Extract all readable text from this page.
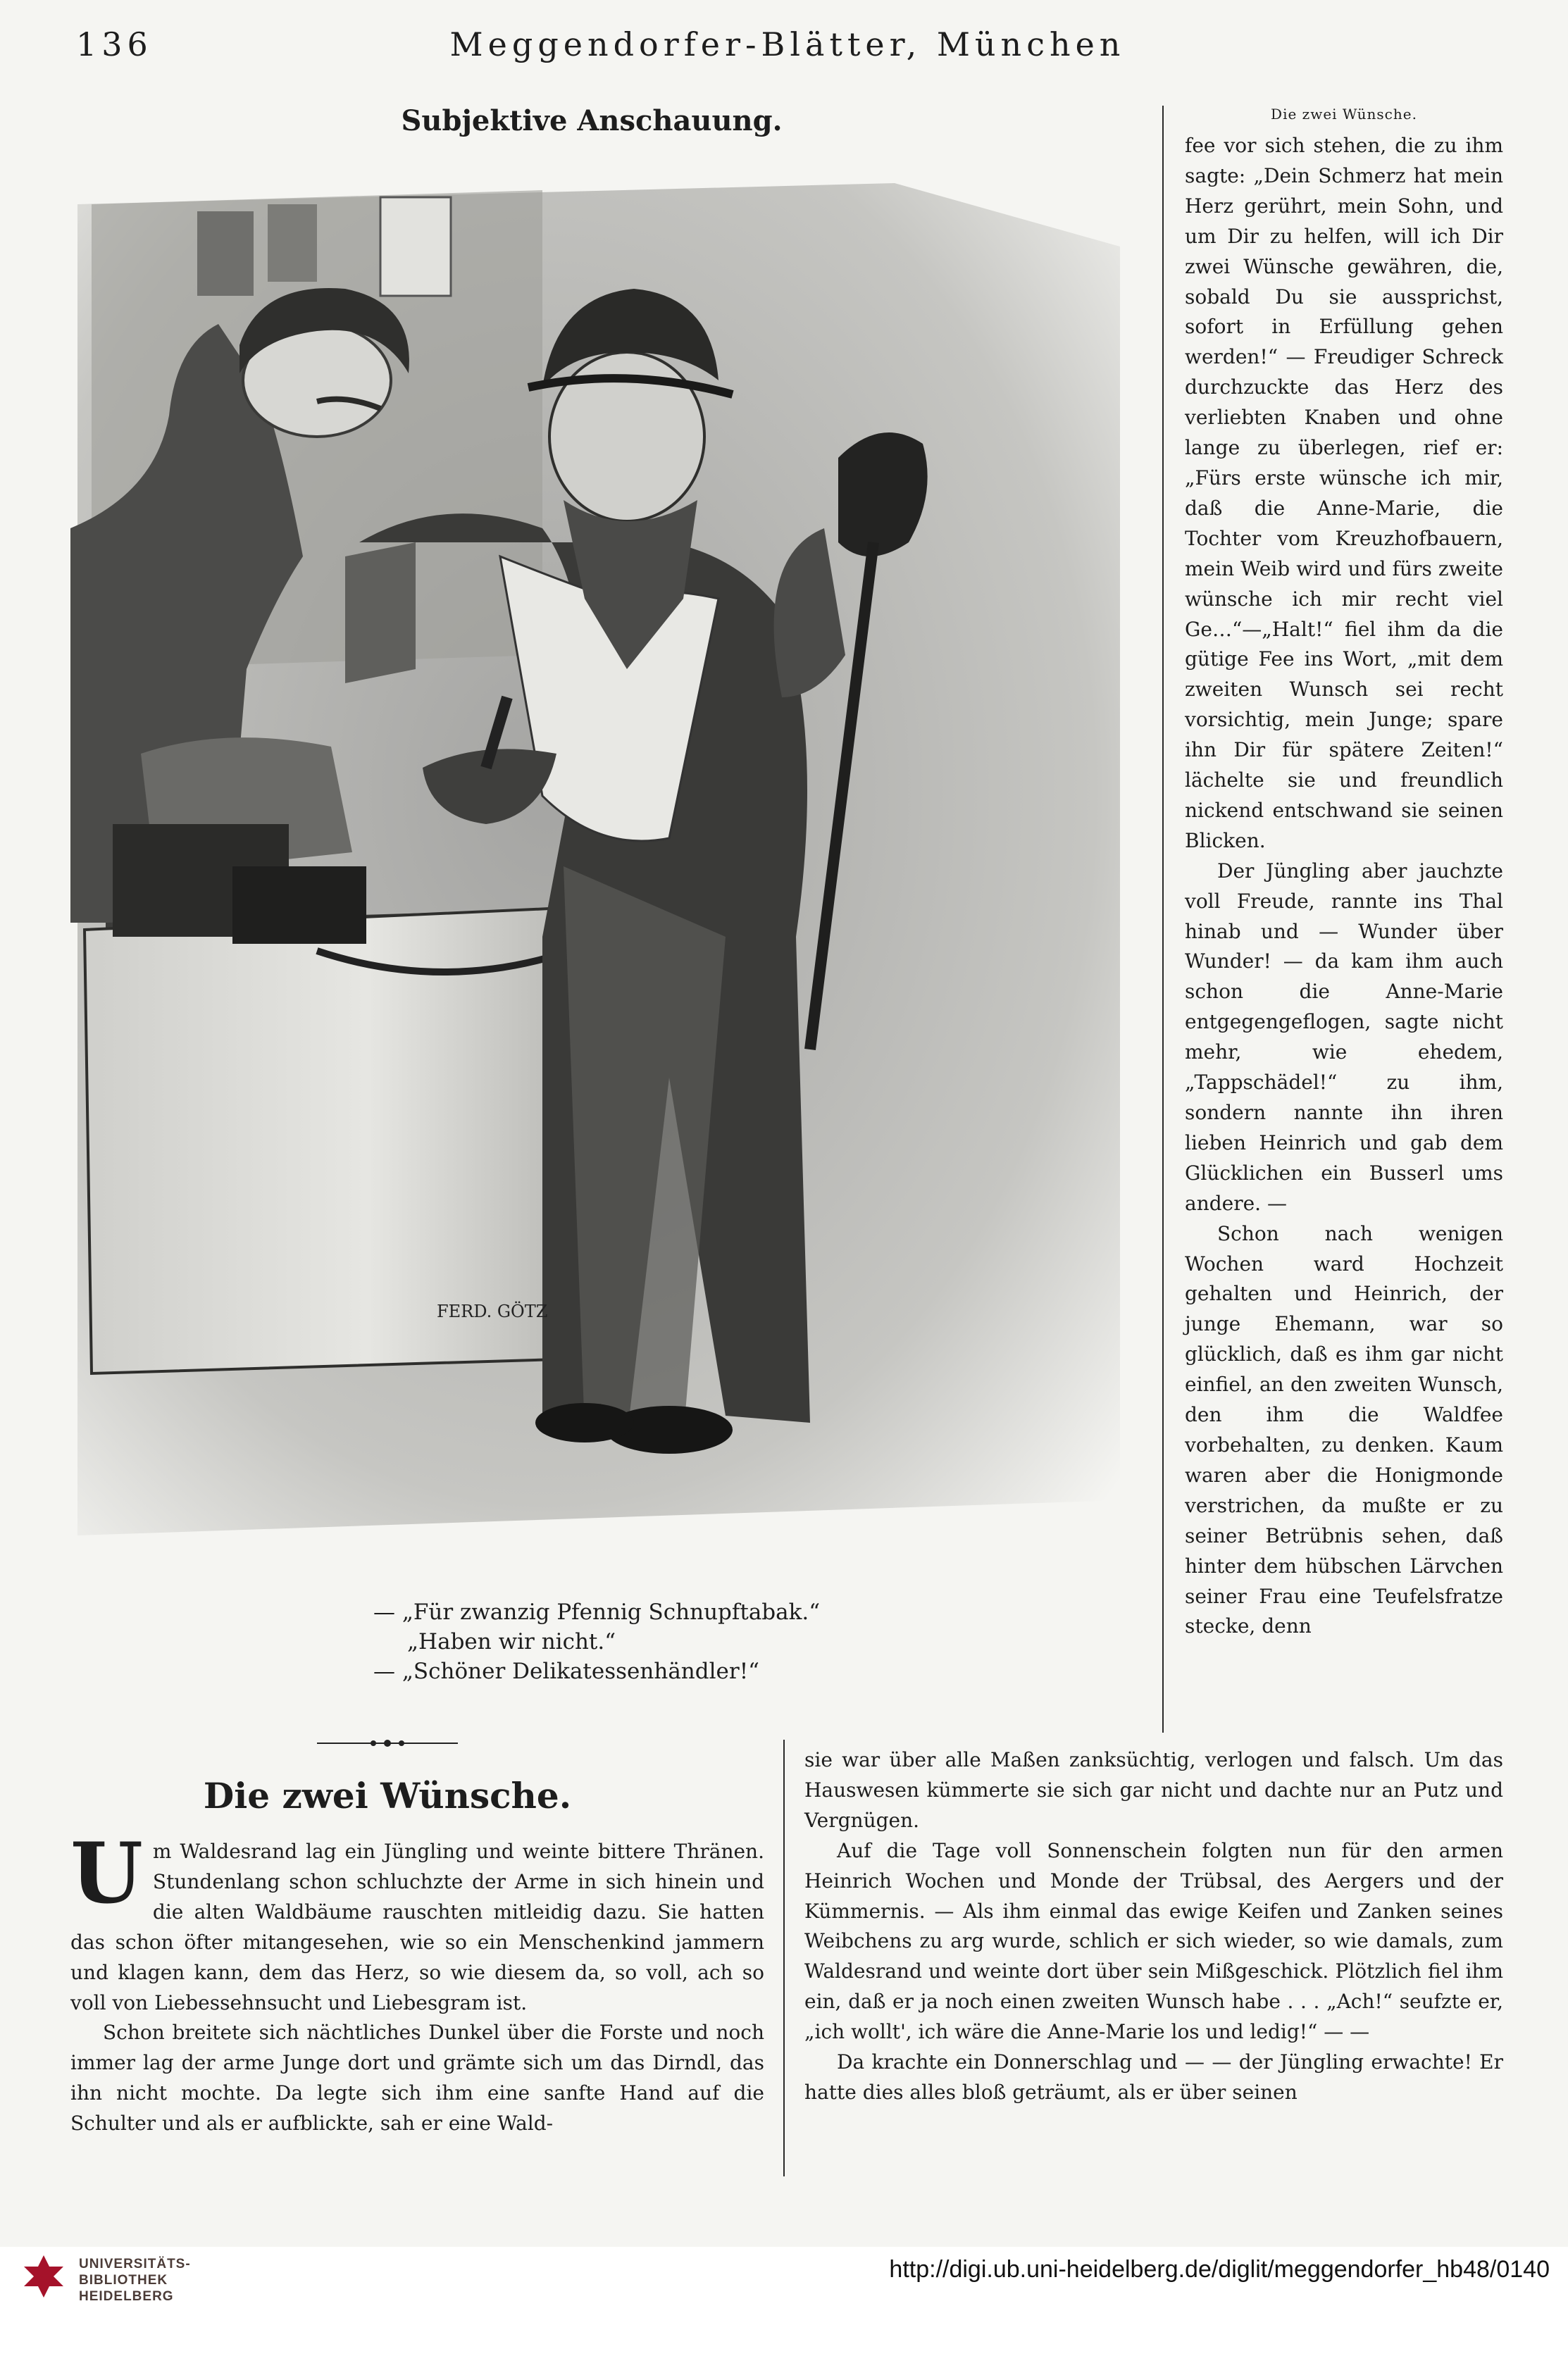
136	Meggendorfer-Blätter, München
Subjektive Anschauung.
FERD. GÖTZ
— „Für zwanzig Pfennig Schnupftabak.“
„Haben wir nicht.“
— „Schöner Delikatessenhändler!“
Die zwei Wünsche.

Um Waldesrand lag ein Jüngling und weinte bittere Thränen. Stundenlang schon schluchzte der Arme in sich hinein und die alten Waldbäume rauschten mitleidig dazu. Sie hatten das schon öfter mitangesehen, wie so ein Menschenkind jammern und klagen kann, dem das Herz, so wie diesem da, so voll, ach so voll von Liebessehnsucht und Liebesgram ist.

Schon breitete sich nächtliches Dunkel über die Forste und noch immer lag der arme Junge dort und grämte sich um das Dirndl, das ihn nicht mochte. Da legte sich ihm eine sanfte Hand auf die Schulter und als er aufblickte, sah er eine Wald-

Die zwei Wünsche.

fee vor sich stehen, die zu ihm sagte: „Dein Schmerz hat mein Herz gerührt, mein Sohn, und um Dir zu helfen, will ich Dir zwei Wünsche gewähren, die, sobald Du sie aussprichst, sofort in Erfüllung gehen werden!“ — Freudiger Schreck durchzuckte das Herz des verliebten Knaben und ohne lange zu überlegen, rief er: „Fürs erste wünsche ich mir, daß die Anne-Marie, die Tochter vom Kreuzhofbauern, mein Weib wird und fürs zweite wünsche ich mir recht viel Ge…“—„Halt!“ fiel ihm da die gütige Fee ins Wort, „mit dem zweiten Wunsch sei recht vorsichtig, mein Junge; spare ihn Dir für spätere Zeiten!“ lächelte sie und freundlich nickend entschwand sie seinen Blicken.

Der Jüngling aber jauchzte voll Freude, rannte ins Thal hinab und — Wunder über Wunder! — da kam ihm auch schon die Anne-Marie entgegengeflogen, sagte nicht mehr, wie ehedem, „Tappschädel!“ zu ihm, sondern nannte ihn ihren lieben Heinrich und gab dem Glücklichen ein Busserl ums andere. —

Schon nach wenigen Wochen ward Hochzeit gehalten und Heinrich, der junge Ehemann, war so glücklich, daß es ihm gar nicht einfiel, an den zweiten Wunsch, den ihm die Waldfee vorbehalten, zu denken. Kaum waren aber die Honigmonde verstrichen, da mußte er zu seiner Betrübnis sehen, daß hinter dem hübschen Lärvchen seiner Frau eine Teufelsfratze stecke, denn

sie war über alle Maßen zanksüchtig, verlogen und falsch. Um das Hauswesen kümmerte sie sich gar nicht und dachte nur an Putz und Vergnügen.

Auf die Tage voll Sonnenschein folgten nun für den armen Heinrich Wochen und Monde der Trübsal, des Aergers und der Kümmernis. — Als ihm einmal das ewige Keifen und Zanken seines Weibchens zu arg wurde, schlich er sich wieder, so wie damals, zum Waldesrand und weinte dort über sein Mißgeschick. Plötzlich fiel ihm ein, daß er ja noch einen zweiten Wunsch habe . . . „Ach!“ seufzte er, „ich wollt', ich wäre die Anne-Marie los und ledig!“ — —

Da krachte ein Donnerschlag und — — der Jüngling erwachte! Er hatte dies alles bloß geträumt, als er über seinen

UNIVERSITÄTS-
BIBLIOTHEK
HEIDELBERG
http://digi.ub.uni-heidelberg.de/diglit/meggendorfer_hb48/0140
